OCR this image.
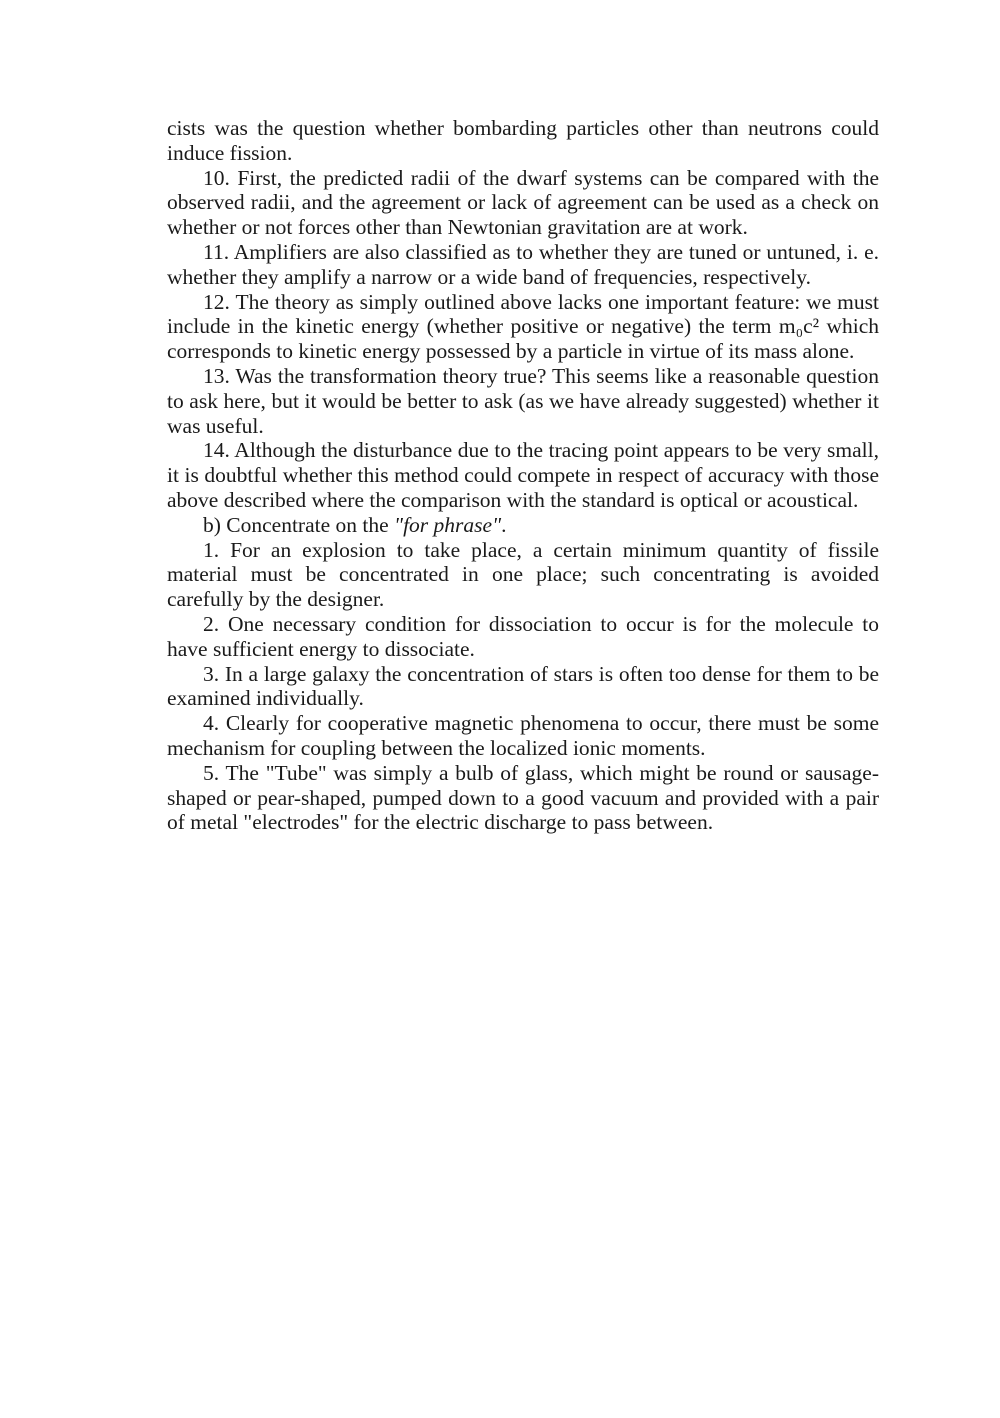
cists was the question whether bombarding particles other than neutrons could induce fission.

10. First, the predicted radii of the dwarf systems can be compared with the observed radii, and the agreement or lack of agreement can be used as a check on whether or not forces other than Newtonian gravitation are at work.

11. Amplifiers are also classified as to whether they are tuned or untuned, i. e. whether they amplify a narrow or a wide band of frequencies, respectively.

12. The theory as simply outlined above lacks one important feature: we must include in the kinetic energy (whether positive or negative) the term m₀c² which corresponds to kinetic energy possessed by a particle in virtue of its mass alone.

13. Was the transformation theory true? This seems like a reasonable question to ask here, but it would be better to ask (as we have already suggested) whether it was useful.

14. Although the disturbance due to the tracing point appears to be very small, it is doubtful whether this method could compete in respect of accuracy with those above described where the comparison with the standard is optical or acoustical.

b) Concentrate on the "for phrase".

1. For an explosion to take place, a certain minimum quantity of fissile material must be concentrated in one place; such concentrating is avoided carefully by the designer.

2. One necessary condition for dissociation to occur is for the molecule to have sufficient energy to dissociate.

3. In a large galaxy the concentration of stars is often too dense for them to be examined individually.

4. Clearly for cooperative magnetic phenomena to occur, there must be some mechanism for coupling between the localized ionic moments.

5. The "Tube" was simply a bulb of glass, which might be round or sausage-shaped or pear-shaped, pumped down to a good vacuum and provided with a pair of metal "electrodes" for the electric discharge to pass between.
